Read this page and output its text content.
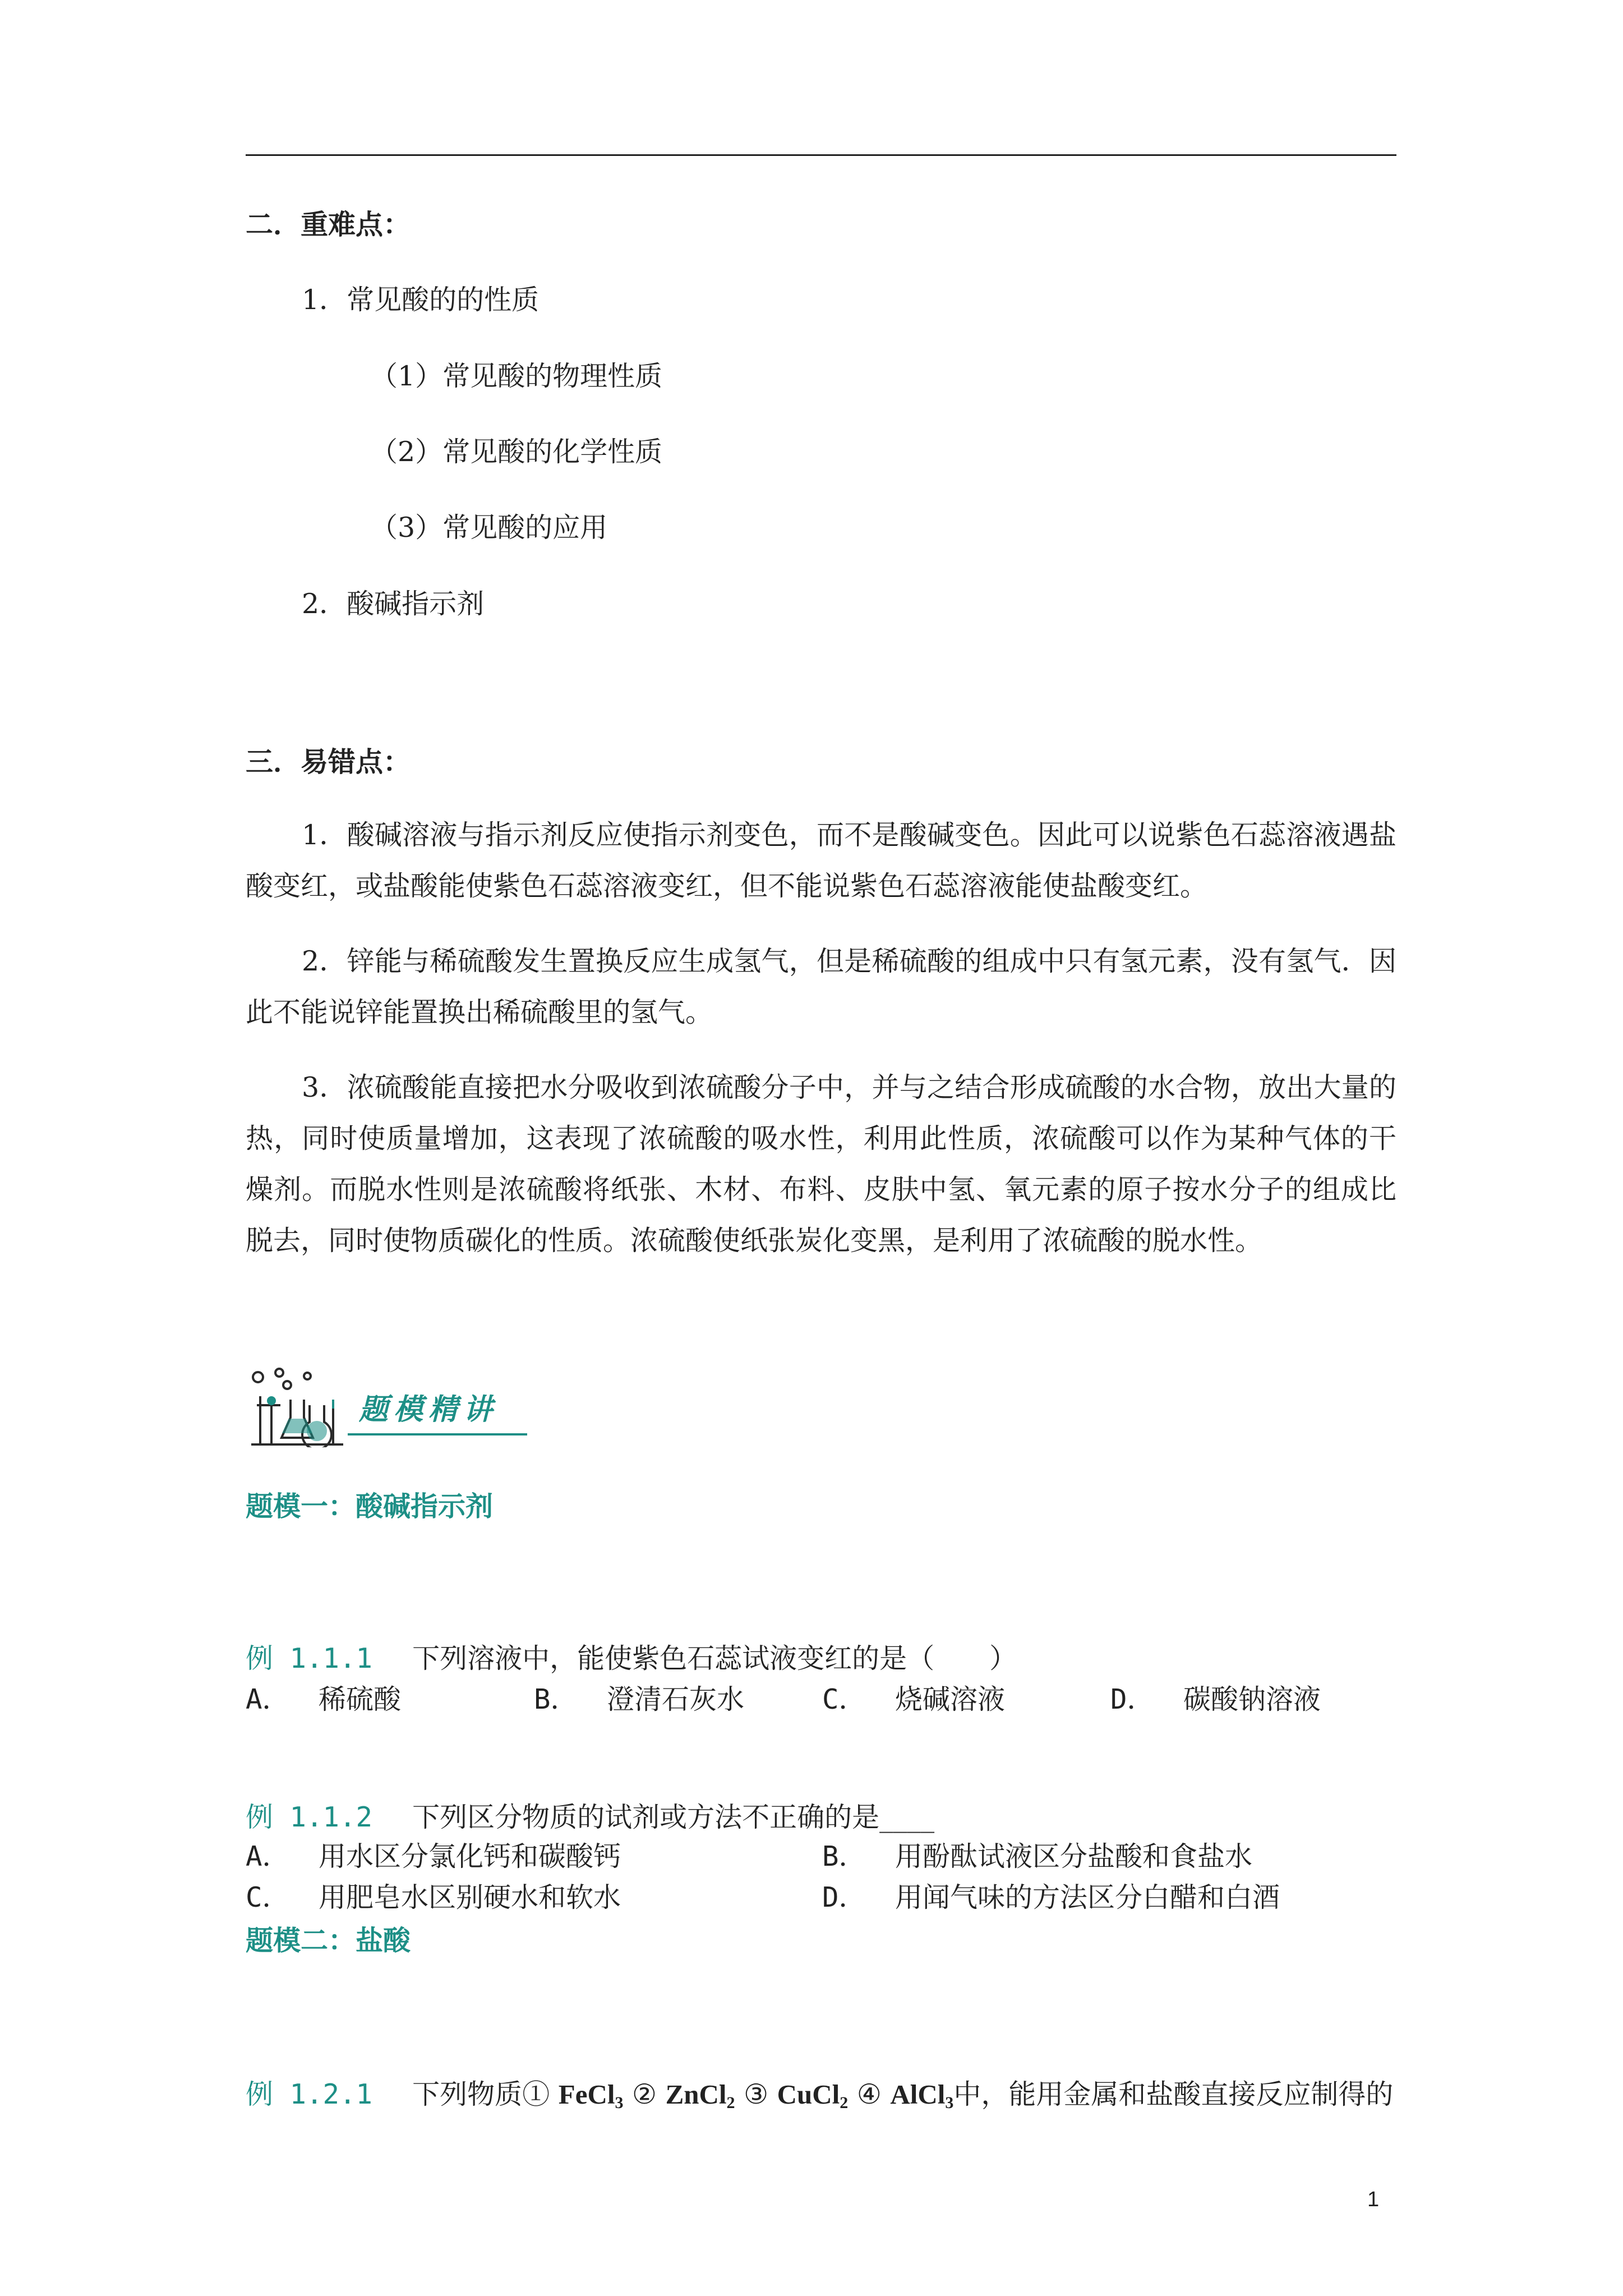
二．重难点：
1．常见酸的的性质
（1）常见酸的物理性质
（2）常见酸的化学性质
（3）常见酸的应用
2．酸碱指示剂
三．易错点：

1．酸碱溶液与指示剂反应使指示剂变色，而不是酸碱变色。因此可以说紫色石蕊溶液遇盐酸变红，或盐酸能使紫色石蕊溶液变红，但不能说紫色石蕊溶液能使盐酸变红。

2．锌能与稀硫酸发生置换反应生成氢气，但是稀硫酸的组成中只有氢元素，没有氢气．因此不能说锌能置换出稀硫酸里的氢气。

3．浓硫酸能直接把水分吸收到浓硫酸分子中，并与之结合形成硫酸的水合物，放出大量的热，同时使质量增加，这表现了浓硫酸的吸水性，利用此性质，浓硫酸可以作为某种气体的干燥剂。而脱水性则是浓硫酸将纸张、木材、布料、皮肤中氢、氧元素的原子按水分子的组成比脱去，同时使物质碳化的性质。浓硫酸使纸张炭化变黑，是利用了浓硫酸的脱水性。

题模精讲
题模一：酸碱指示剂
例 1.1.1 下列溶液中，能使紫色石蕊试液变红的是（　　）
A． 稀硫酸	B． 澄清石灰水	C． 烧碱溶液	D． 碳酸钠溶液
例 1.1.2 下列区分物质的试剂或方法不正确的是____
A． 用水区分氯化钙和碳酸钙	B． 用酚酞试液区分盐酸和食盐水
C． 用肥皂水区别硬水和软水	D． 用闻气味的方法区分白醋和白酒
题模二：盐酸
例 1.2.1 下列物质① FeCl$_3$ ② ZnCl$_2$ ③ CuCl$_2$ ④ AlCl$_3$中，能用金属和盐酸直接反应制得的
1
